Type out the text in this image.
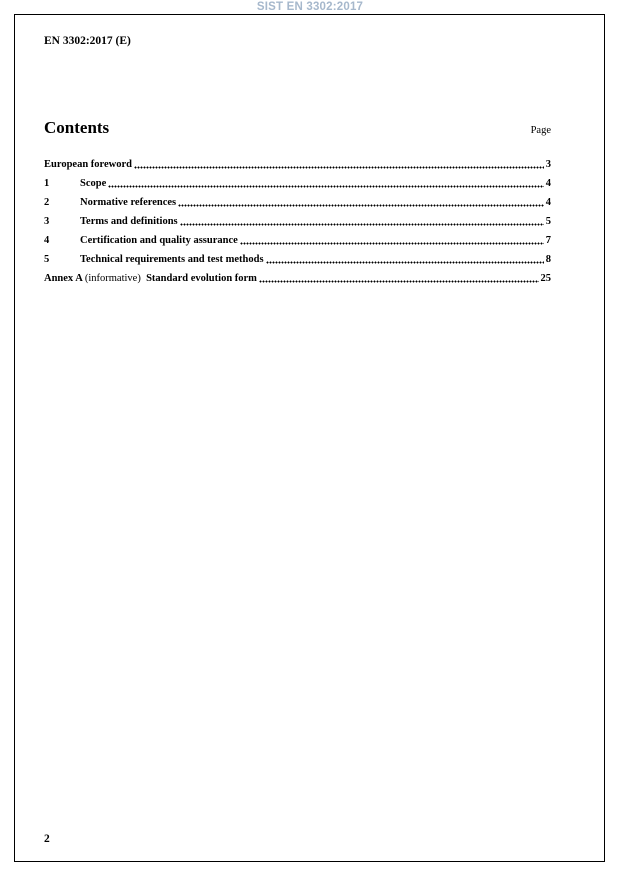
SIST EN 3302:2017
EN 3302:2017 (E)
Contents	Page
European foreword	3
1	Scope	4
2	Normative references	4
3	Terms and definitions	5
4	Certification and quality assurance	7
5	Technical requirements and test methods	8
Annex A (informative) Standard evolution form	25
2
